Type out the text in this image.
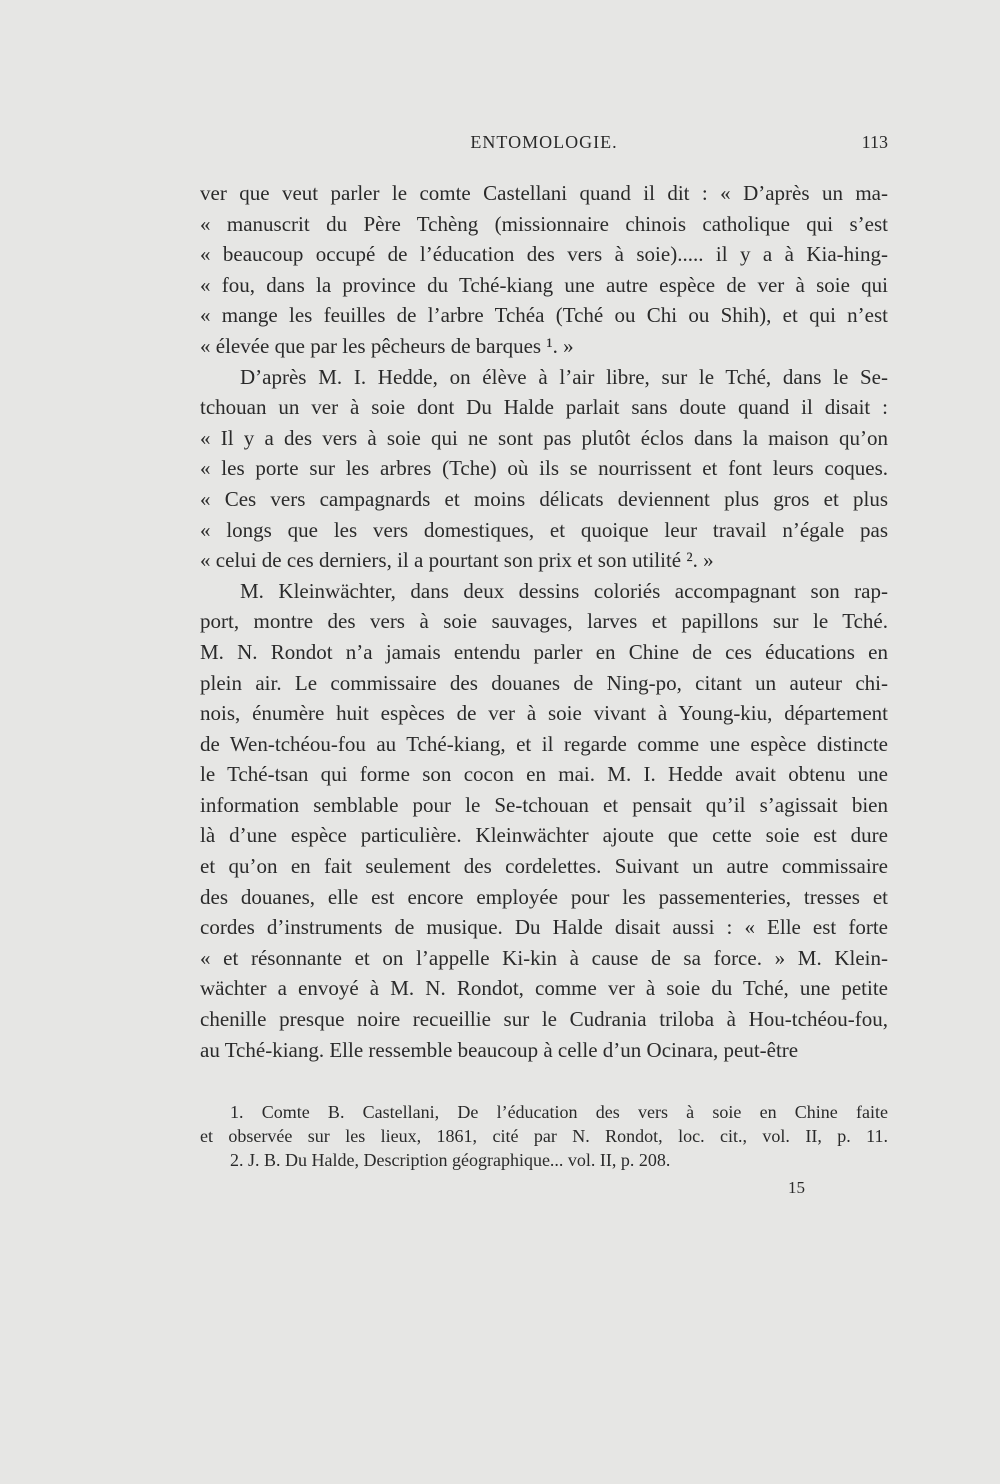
ENTOMOLOGIE.	113
ver que veut parler le comte Castellani quand il dit : « D’après un ma-
« manuscrit du Père Tchèng (missionnaire chinois catholique qui s’est
« beaucoup occupé de l’éducation des vers à soie)..... il y a à Kia-hing-
« fou, dans la province du Tché-kiang une autre espèce de ver à soie qui
« mange les feuilles de l’arbre Tchéa (Tché ou Chi ou Shih), et qui n’est
« élevée que par les pêcheurs de barques ¹. »
D’après M. I. Hedde, on élève à l’air libre, sur le Tché, dans le Se-
tchouan un ver à soie dont Du Halde parlait sans doute quand il disait :
« Il y a des vers à soie qui ne sont pas plutôt éclos dans la maison qu’on
« les porte sur les arbres (Tche) où ils se nourrissent et font leurs coques.
« Ces vers campagnards et moins délicats deviennent plus gros et plus
« longs que les vers domestiques, et quoique leur travail n’égale pas
« celui de ces derniers, il a pourtant son prix et son utilité ². »
M. Kleinwächter, dans deux dessins coloriés accompagnant son rap-
port, montre des vers à soie sauvages, larves et papillons sur le Tché.
M. N. Rondot n’a jamais entendu parler en Chine de ces éducations en
plein air. Le commissaire des douanes de Ning-po, citant un auteur chi-
nois, énumère huit espèces de ver à soie vivant à Young-kiu, département
de Wen-tchéou-fou au Tché-kiang, et il regarde comme une espèce distincte
le Tché-tsan qui forme son cocon en mai. M. I. Hedde avait obtenu une
information semblable pour le Se-tchouan et pensait qu’il s’agissait bien
là d’une espèce particulière. Kleinwächter ajoute que cette soie est dure
et qu’on en fait seulement des cordelettes. Suivant un autre commissaire
des douanes, elle est encore employée pour les passementeries, tresses et
cordes d’instruments de musique. Du Halde disait aussi : « Elle est forte
« et résonnante et on l’appelle Ki-kin à cause de sa force. » M. Klein-
wächter a envoyé à M. N. Rondot, comme ver à soie du Tché, une petite
chenille presque noire recueillie sur le Cudrania triloba à Hou-tchéou-fou,
au Tché-kiang. Elle ressemble beaucoup à celle d’un Ocinara, peut-être
1. Comte B. Castellani, De l’éducation des vers à soie en Chine faite
et observée sur les lieux, 1861, cité par N. Rondot, loc. cit., vol. II, p. 11.
2. J. B. Du Halde, Description géographique... vol. II, p. 208.
15
